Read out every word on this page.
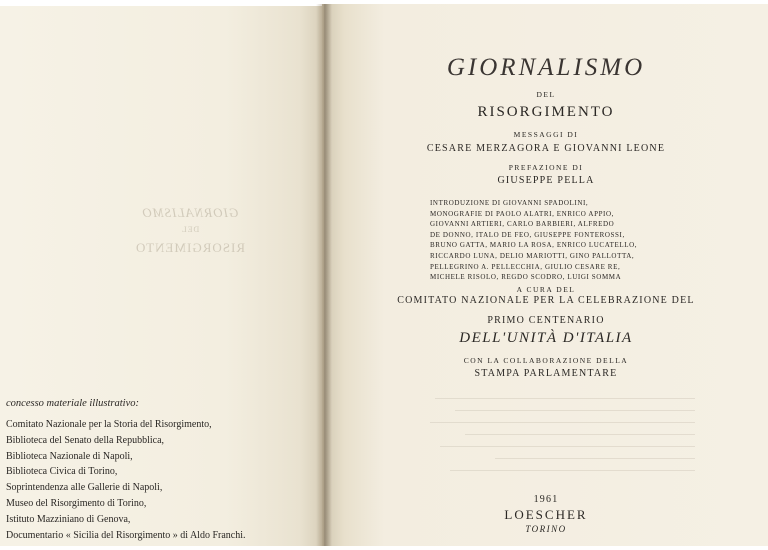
GIORNALISMO
DEL
RISORGIMENTO
concesso materiale illustrativo:
Comitato Nazionale per la Storia del Risorgimento,
Biblioteca del Senato della Repubblica,
Biblioteca Nazionale di Napoli,
Biblioteca Civica di Torino,
Soprintendenza alle Gallerie di Napoli,
Museo del Risorgimento di Torino,
Istituto Mazziniano di Genova,
Documentario « Sicilia del Risorgimento » di Aldo Franchi.
GIORNALISMO
DEL
RISORGIMENTO
MESSAGGI DI
CESARE MERZAGORA E GIOVANNI LEONE
PREFAZIONE DI
GIUSEPPE PELLA
A CURA DEL
COMITATO NAZIONALE PER LA CELEBRAZIONE DEL
PRIMO CENTENARIO
DELL'UNITÀ D'ITALIA
CON LA COLLABORAZIONE DELLA
STAMPA PARLAMENTARE
1961
LOESCHER
TORINO
INTRODUZIONE DI GIOVANNI SPADOLINI,
MONOGRAFIE DI PAOLO ALATRI, ENRICO APPIO,
GIOVANNI ARTIERI, CARLO BARBIERI, ALFREDO
DE DONNO, ITALO DE FEO, GIUSEPPE FONTEROSSI,
BRUNO GATTA, MARIO LA ROSA, ENRICO LUCATELLO,
RICCARDO LUNA, DELIO MARIOTTI, GINO PALLOTTA,
PELLEGRINO A. PELLECCHIA, GIULIO CESARE RE,
MICHELE RISOLO, REGDO SCODRO, LUIGI SOMMA
